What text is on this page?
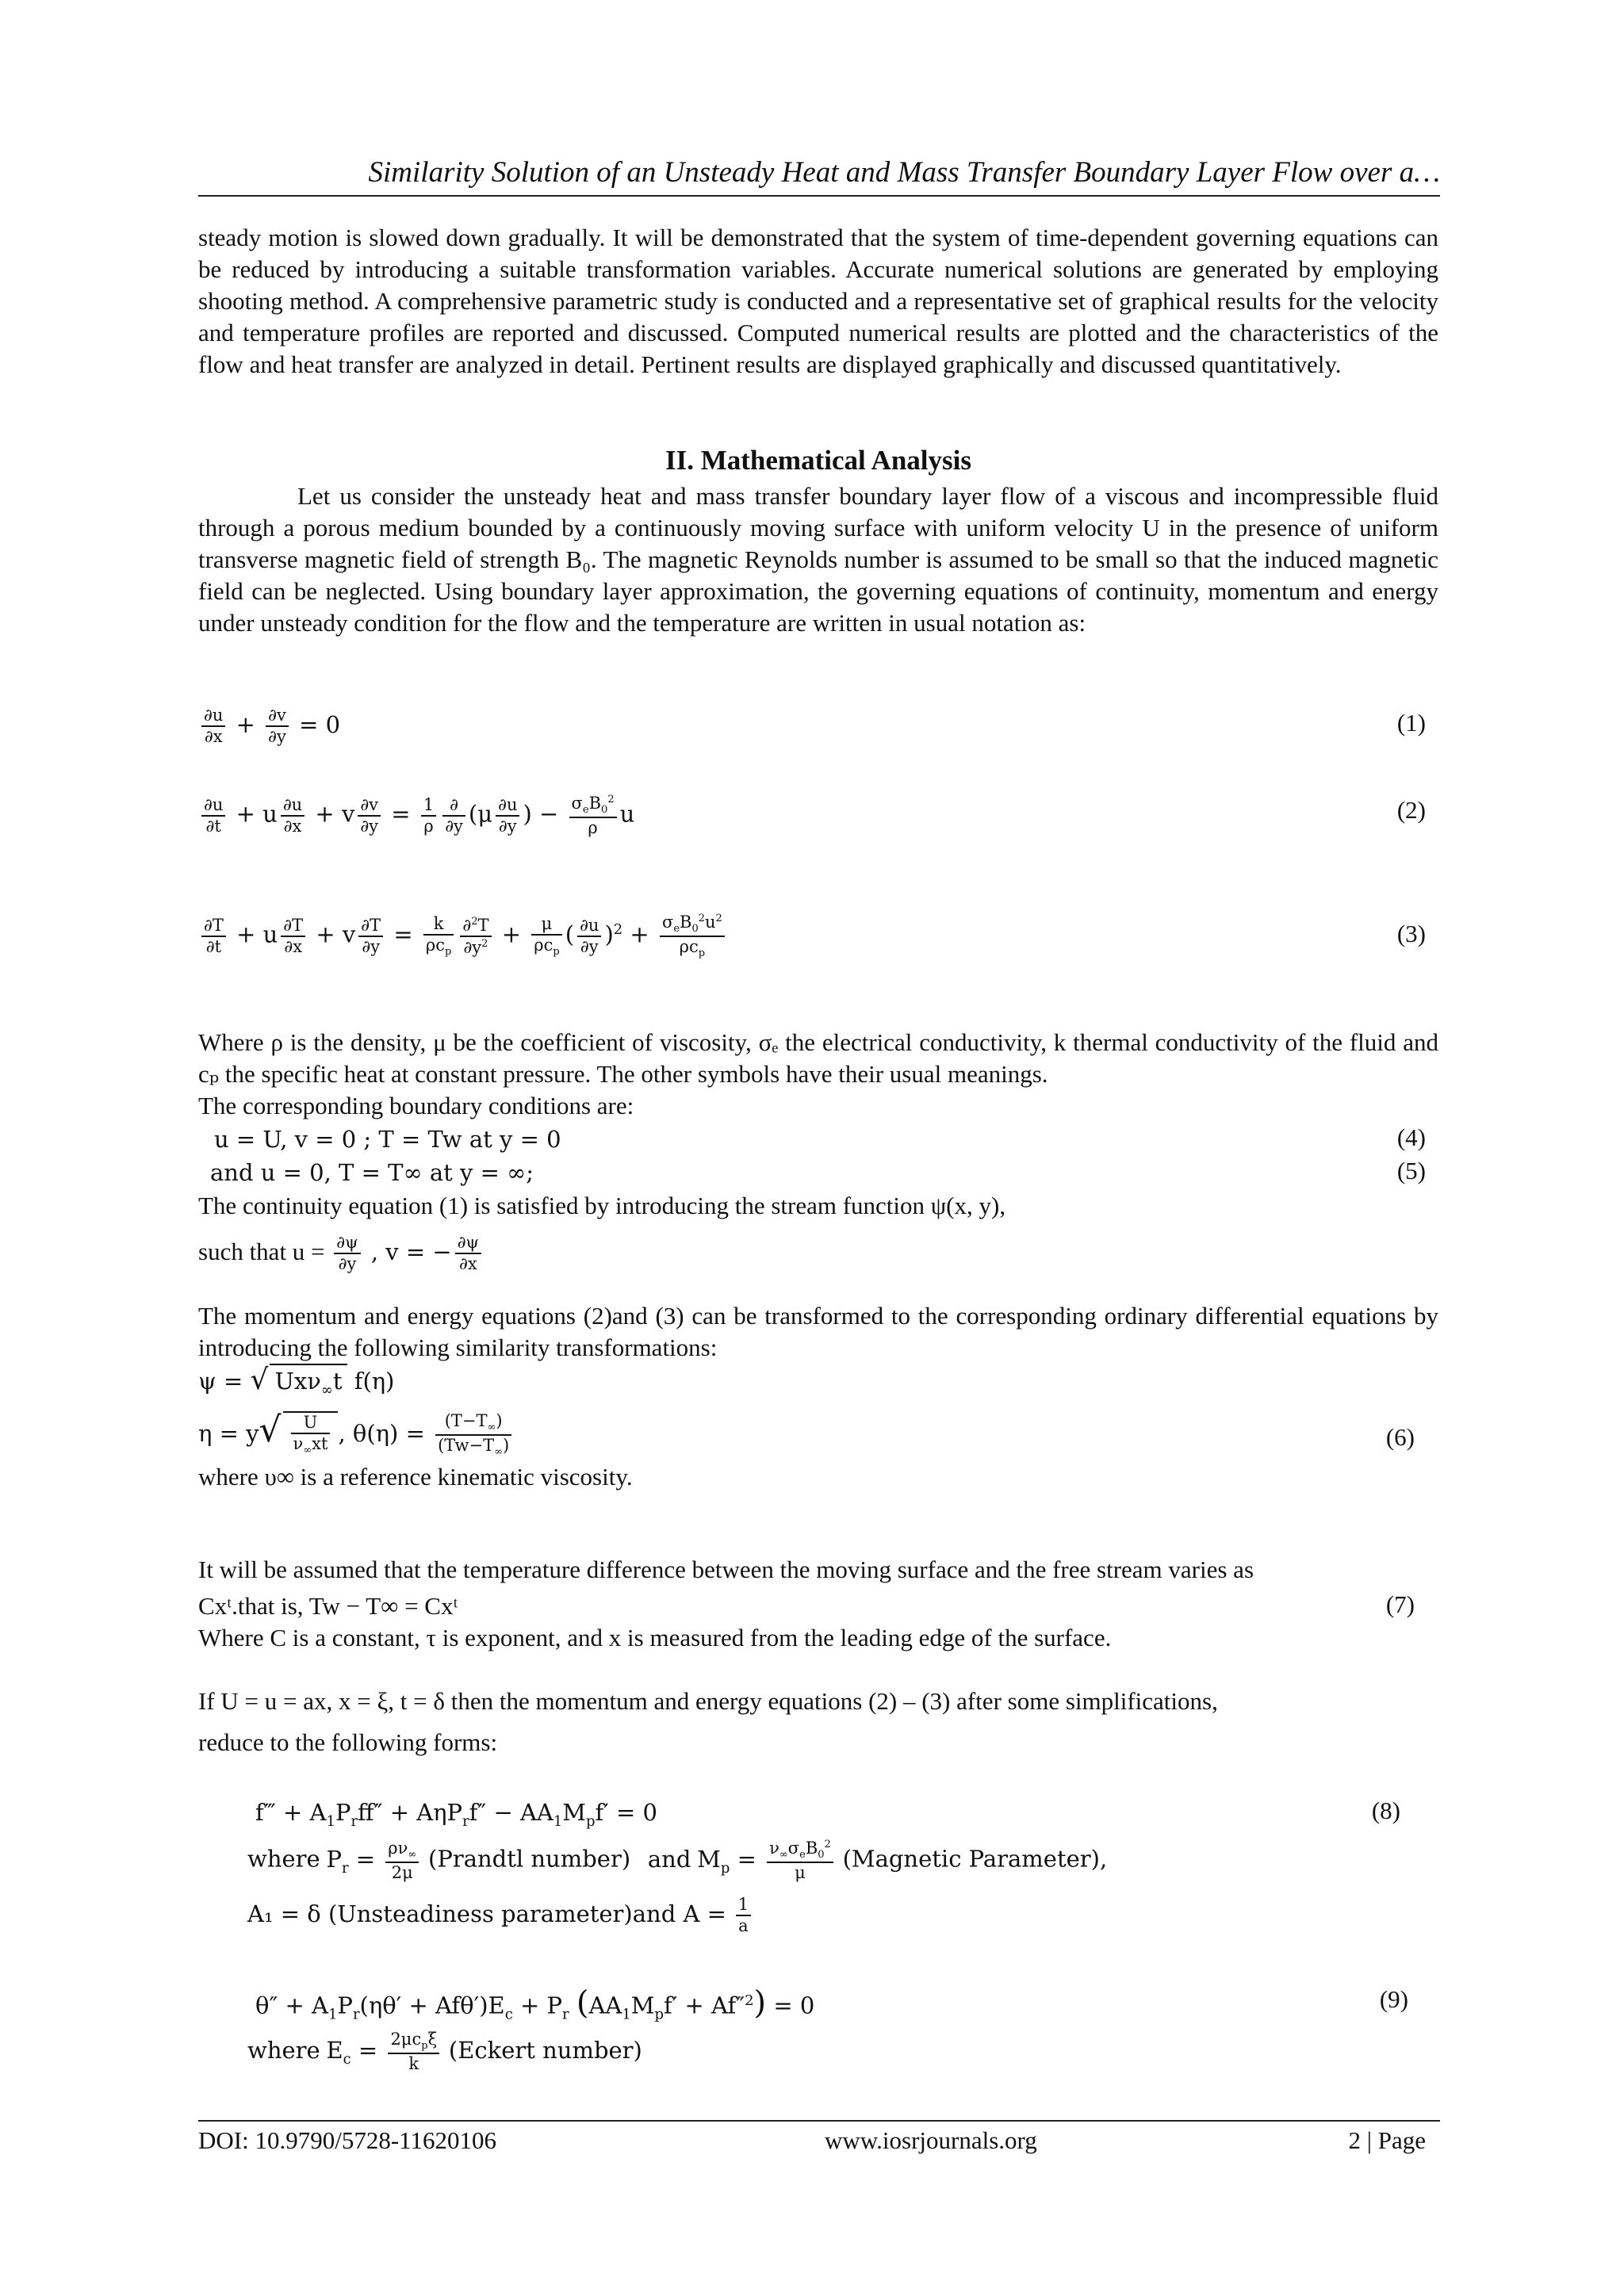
Similarity Solution of an Unsteady Heat and Mass Transfer Boundary Layer Flow over a…
steady motion is slowed down gradually. It will be demonstrated that the system of time-dependent governing equations can be reduced by introducing a suitable transformation variables. Accurate numerical solutions are generated by employing shooting method. A comprehensive parametric study is conducted and a representative set of graphical results for the velocity and temperature profiles are reported and discussed. Computed numerical results are plotted and the characteristics of the flow and heat transfer are analyzed in detail. Pertinent results are displayed graphically and discussed quantitatively.
II. Mathematical Analysis
Let us consider the unsteady heat and mass transfer boundary layer flow of a viscous and incompressible fluid through a porous medium bounded by a continuously moving surface with uniform velocity U in the presence of uniform transverse magnetic field of strength B₀. The magnetic Reynolds number is assumed to be small so that the induced magnetic field can be neglected. Using boundary layer approximation, the governing equations of continuity, momentum and energy under unsteady condition for the flow and the temperature are written in usual notation as:
$\frac{\partial u}{\partial x} + \frac{\partial v}{\partial y} = 0$	(1)
$\frac{\partial u}{\partial t} + u \frac{\partial u}{\partial x} + v \frac{\partial v}{\partial y} = \frac{1}{\rho} \frac{\partial}{\partial y} (\mu \frac{\partial u}{\partial y}$ ) − $\frac{\sigma_eB_0^2}{\rho}$ u	(2)
$\frac{\partial T}{\partial t} + u \frac{\partial T}{\partial x} + v \frac{\partial T}{\partial y} = \frac{k}{\rho c_p} \frac{\partial^2T}{\partial y^2} + \frac{\mu}{\rho c_p}$ ( $\frac{\partial u}{\partial y} )^2 + \frac{\sigma_eB_0^2u^2}{\rho c_p}$	(3)
Where ρ is the density, μ be the coefficient of viscosity, σₑ the electrical conductivity, k thermal conductivity of the fluid and cₚ the specific heat at constant pressure. The other symbols have their usual meanings.
The corresponding boundary conditions are:
u = U, v = 0 ; T = Tw at y = 0	(4)
and u = 0, T = T∞ at y = ∞;	(5)
The continuity equation (1) is satisfied by introducing the stream function ψ(x, y),
such that $u = \frac{\partial\psi}{\partial y}$ , v = − $\frac{\partial\psi}{\partial x}$
The momentum and energy equations (2)and (3) can be transformed to the corresponding ordinary differential equations by introducing the following similarity transformations:
ψ = √ Uxν$_\infty$t f(η)
$\eta = y√ \frac{U}{\nu_\infty xt}$ , $\theta(\eta) = \frac{(T-T_\infty)}{(Tw-T_\infty)}$	(6)
where υ∞ is a reference kinematic viscosity.
It will be assumed that the temperature difference between the moving surface and the free stream varies as
Cxᵗ.that is, Tw − T∞ = Cxᵗ	(7)
Where C is a constant, τ is exponent, and x is measured from the leading edge of the surface.
If U = u = ax, x = ξ, t = δ then the momentum and energy equations (2) – (3) after some simplifications,
reduce to the following forms:
f‴ + $A_1P_rff'' + A\eta P_rf'' - AA_1M_pf' = 0$	(8)
where $P_r = \frac{\rho\nu_\infty}{2\mu}$ (Prandtl number) and $M_p = \frac{\nu_\infty\sigma_eB_0^2}{\mu}$ (Magnetic Parameter),
A₁ = δ (Unsteadiness parameter)and $A = \frac{1}{a}$
$\theta'' + A_1P_r(\eta\theta' + Af\theta')E_c + P_r$ $(AA_1M_pf' + Af''^2) = 0$	(9)
where $E_c = \frac{2\mu c_p\xi}{k}$ (Eckert number)
DOI: 10.9790/5728-11620106	www.iosrjournals.org	2 | Page
